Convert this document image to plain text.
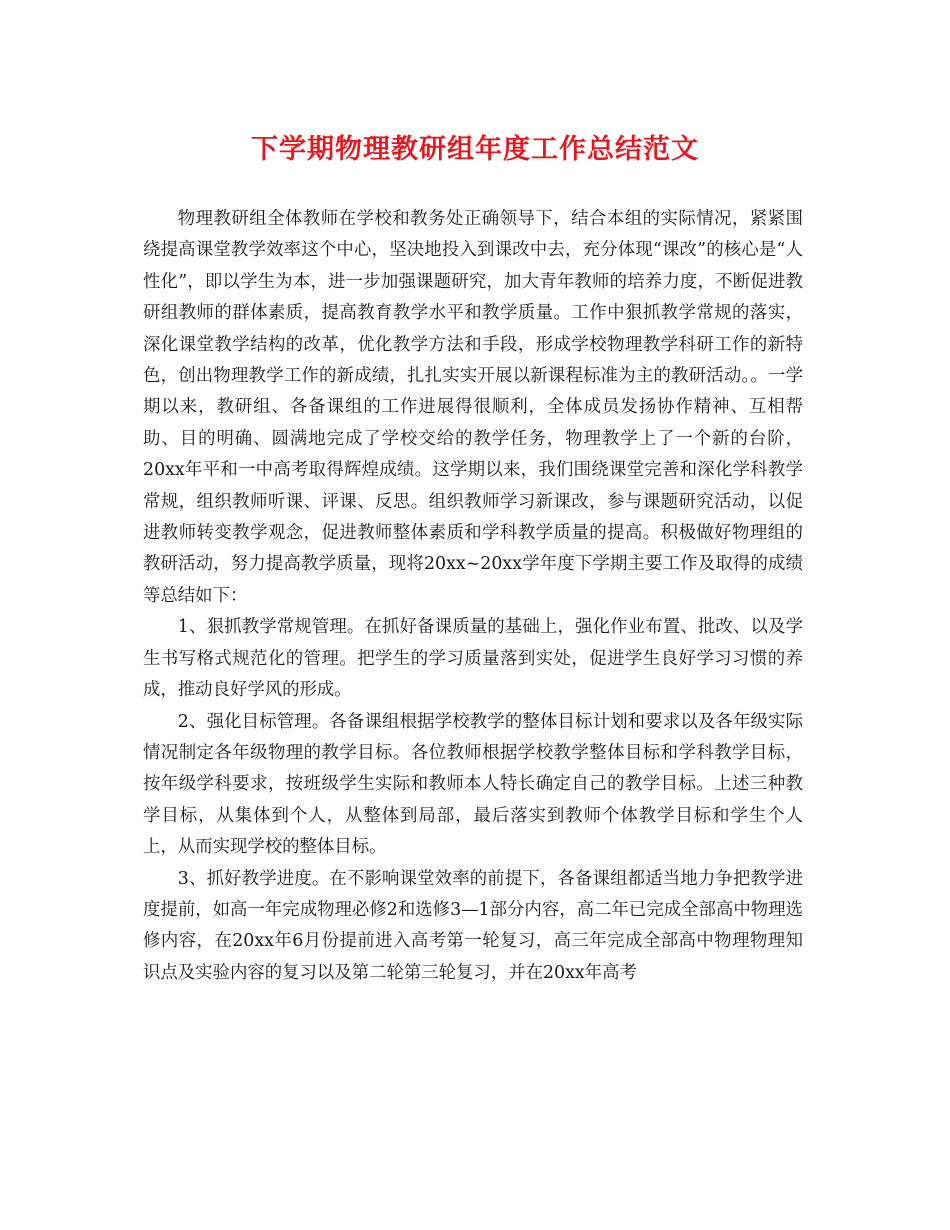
下学期物理教研组年度工作总结范文

物理教研组全体教师在学校和教务处正确领导下，结合本组的实际情况，紧紧围绕提高课堂教学效率这个中心，坚决地投入到课改中去，充分体现“课改”的核心是“人性化”，即以学生为本，进一步加强课题研究，加大青年教师的培养力度，不断促进教研组教师的群体素质，提高教育教学水平和教学质量。工作中狠抓教学常规的落实，深化课堂教学结构的改革，优化教学方法和手段，形成学校物理教学科研工作的新特色，创出物理教学工作的新成绩，扎扎实实开展以新课程标准为主的教研活动。。一学期以来，教研组、各备课组的工作进展得很顺利，全体成员发扬协作精神、互相帮助、目的明确、圆满地完成了学校交给的教学任务，物理教学上了一个新的台阶，20xx年平和一中高考取得辉煌成绩。这学期以来，我们围绕课堂完善和深化学科教学常规，组织教师听课、评课、反思。组织教师学习新课改，参与课题研究活动，以促进教师转变教学观念，促进教师整体素质和学科教学质量的提高。积极做好物理组的教研活动，努力提高教学质量，现将20xx~20xx学年度下学期主要工作及取得的成绩等总结如下：

1、狠抓教学常规管理。在抓好备课质量的基础上，强化作业布置、批改、以及学生书写格式规范化的管理。把学生的学习质量落到实处，促进学生良好学习习惯的养成，推动良好学风的形成。

2、强化目标管理。各备课组根据学校教学的整体目标计划和要求以及各年级实际情况制定各年级物理的教学目标。各位教师根据学校教学整体目标和学科教学目标，按年级学科要求，按班级学生实际和教师本人特长确定自己的教学目标。上述三种教学目标，从集体到个人，从整体到局部，最后落实到教师个体教学目标和学生个人上，从而实现学校的整体目标。

3、抓好教学进度。在不影响课堂效率的前提下，各备课组都适当地力争把教学进度提前，如高一年完成物理必修2和选修3—1部分内容，高二年已完成全部高中物理选修内容，在20xx年6月份提前进入高考第一轮复习，高三年完成全部高中物理物理知识点及实验内容的复习以及第二轮第三轮复习，并在20xx年高考
